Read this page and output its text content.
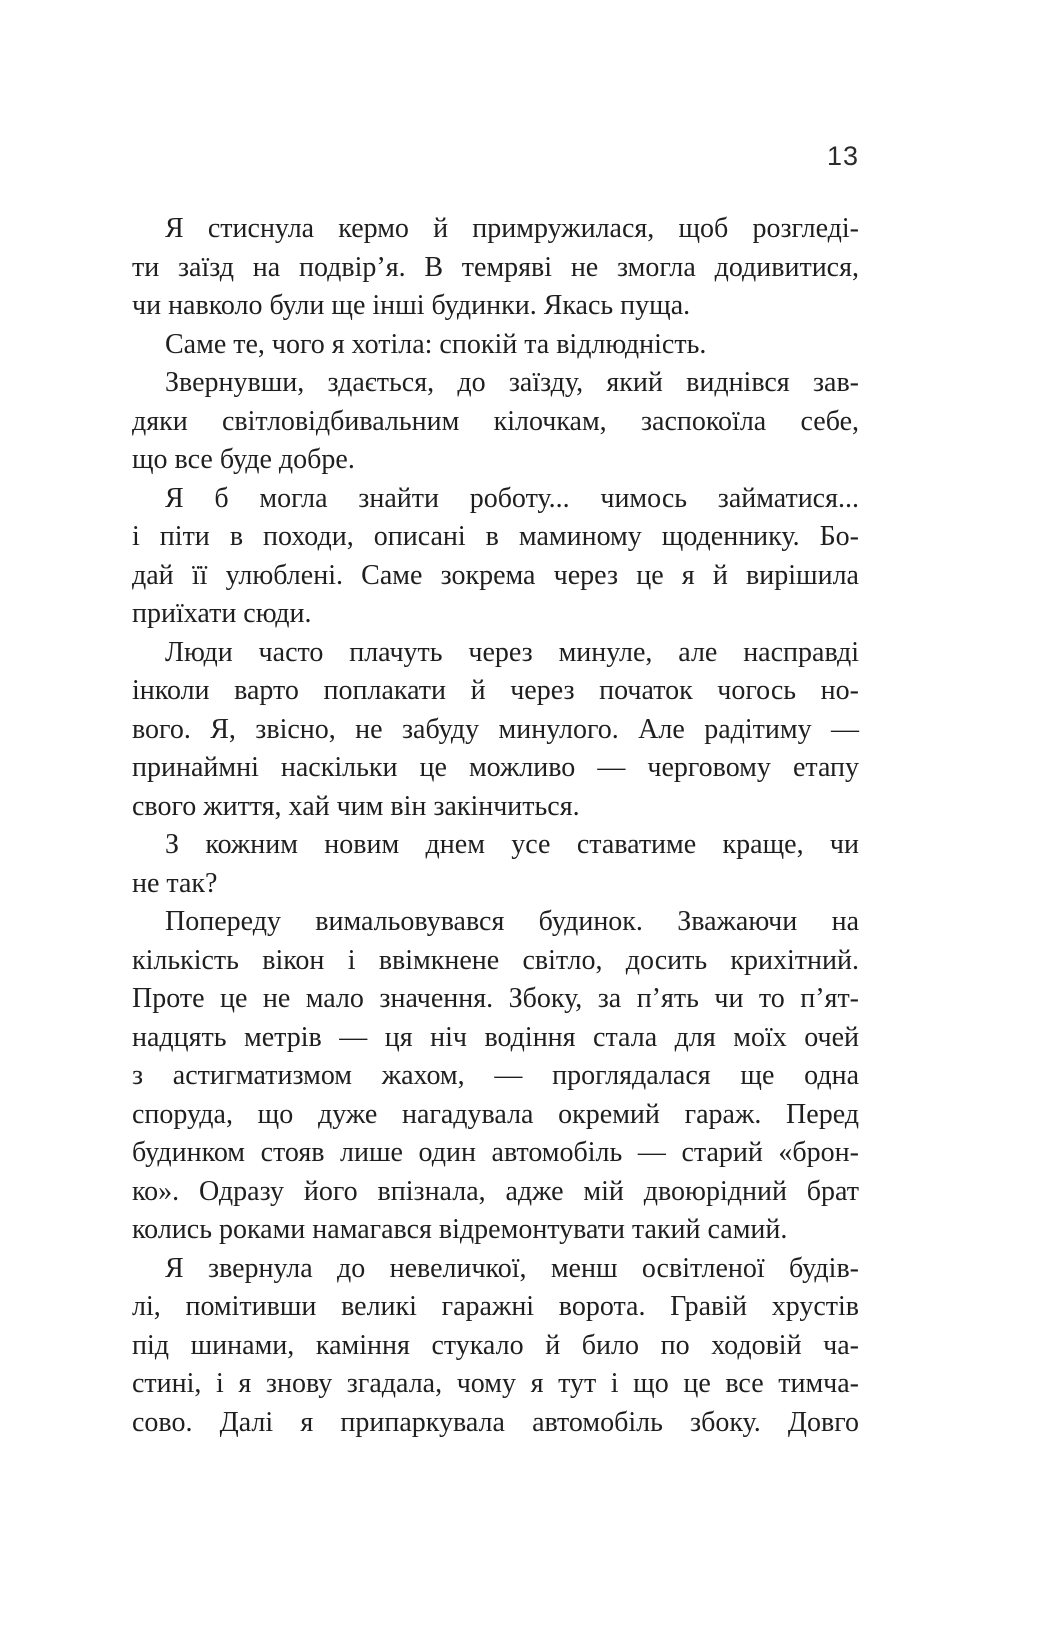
13
Я стиснула кермо й примружилася, щоб розгледі-
ти заїзд на подвір’я. В темряві не змогла додивитися,
чи навколо були ще інші будинки. Якась пуща.
Саме те, чого я хотіла: спокій та відлюдність.
Звернувши, здається, до заїзду, який виднівся зав-
дяки світловідбивальним кілочкам, заспокоїла себе,
що все буде добре.
Я б могла знайти роботу... чимось займатися...
і піти в походи, описані в маминому щоденнику. Бо-
дай її улюблені. Саме зокрема через це я й вирішила
приїхати сюди.
Люди часто плачуть через минуле, але насправді
інколи варто поплакати й через початок чогось но-
вого. Я, звісно, не забуду минулого. Але радітиму —
принаймні наскільки це можливо — черговому етапу
свого життя, хай чим він закінчиться.
З кожним новим днем усе ставатиме краще, чи
не так?
Попереду вимальовувався будинок. Зважаючи на
кількість вікон і ввімкнене світло, досить крихітний.
Проте це не мало значення. Збоку, за п’ять чи то п’ят-
надцять метрів — ця ніч водіння стала для моїх очей
з астигматизмом жахом, — проглядалася ще одна
споруда, що дуже нагадувала окремий гараж. Перед
будинком стояв лише один автомобіль — старий «брон-
ко». Одразу його впізнала, адже мій двоюрідний брат
колись роками намагався відремонтувати такий самий.
Я звернула до невеличкої, менш освітленої будів-
лі, помітивши великі гаражні ворота. Гравій хрустів
під шинами, каміння стукало й било по ходовій ча-
стині, і я знову згадала, чому я тут і що це все тимча-
сово. Далі я припаркувала автомобіль збоку. Довго
